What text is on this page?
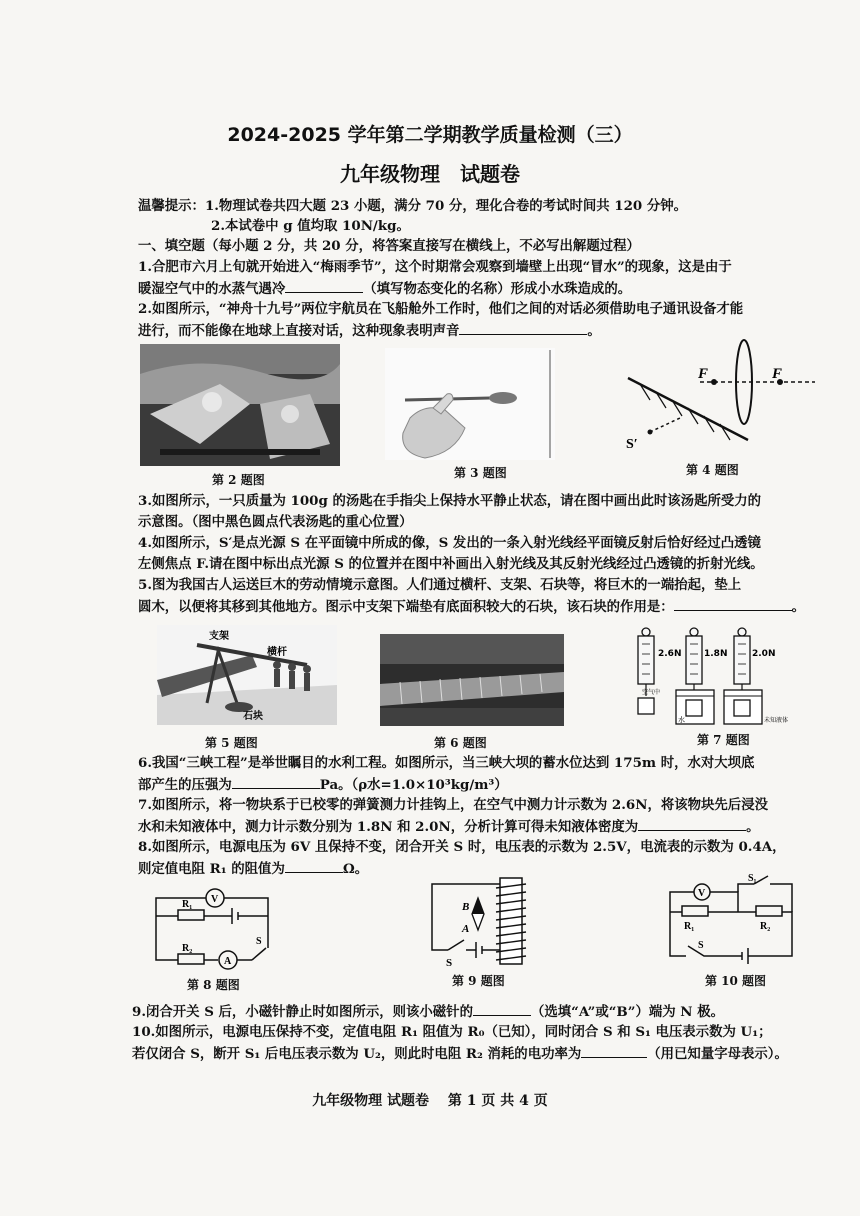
2024-2025 学年第二学期教学质量检测（三）
九年级物理　试题卷
温馨提示：1.物理试卷共四大题 23 小题，满分 70 分，理化合卷的考试时间共 120 分钟。
2.本试卷中 g 值均取 10N/kg。
一、填空题（每小题 2 分，共 20 分，将答案直接写在横线上，不必写出解题过程）
1.合肥市六月上旬就开始进入“梅雨季节”，这个时期常会观察到墙壁上出现“冒水”的现象，这是由于
暖湿空气中的水蒸气遇冷	（填写物态变化的名称）形成小水珠造成的。
2.如图所示，“神舟十九号”两位宇航员在飞船舱外工作时，他们之间的对话必须借助电子通讯设备才能
进行，而不能像在地球上直接对话，这种现象表明声音	。
第 2 题图	第 3 题图
F	F
S′
第 4 题图
3.如图所示，一只质量为 100g 的汤匙在手指尖上保持水平静止状态，请在图中画出此时该汤匙所受力的
示意图。（图中黑色圆点代表汤匙的重心位置）
4.如图所示，S′是点光源 S 在平面镜中所成的像，S 发出的一条入射光线经平面镜反射后恰好经过凸透镜
左侧焦点 F.请在图中标出点光源 S 的位置并在图中补画出入射光线及其反射光线经过凸透镜的折射光线。
5.图为我国古人运送巨木的劳动情境示意图。人们通过横杆、支架、石块等，将巨木的一端抬起，垫上
圆木，以便将其移到其他地方。图示中支架下端垫有底面积较大的石块，该石块的作用是：	。
支架
横杆
石块
第 5 题图	第 6 题图
2.6N	1.8N	2.0N
空气中
水	未知液体
第 7 题图
6.我国“三峡工程”是举世瞩目的水利工程。如图所示，当三峡大坝的蓄水位达到 175m 时，水对大坝底
部产生的压强为	Pa。（ρ水=1.0×10³kg/m³）
7.如图所示，将一物块系于已校零的弹簧测力计挂钩上，在空气中测力计示数为 2.6N，将该物块先后浸没
水和未知液体中，测力计示数分别为 1.8N 和 2.0N，分析计算可得未知液体密度为	。
8.如图所示，电源电压为 6V 且保持不变，闭合开关 S 时，电压表的示数为 2.5V，电流表的示数为 0.4A，
则定值电阻 R₁ 的阻值为	Ω。
R₁
R₂
V
A
S
第 8 题图
B
A
S
第 9 题图
V
S₁
R₁	R₂
S
第 10 题图
9.闭合开关 S 后，小磁针静止时如图所示，则该小磁针的	（选填“A”或“B”）端为 N 极。
10.如图所示，电源电压保持不变，定值电阻 R₁ 阻值为 R₀（已知），同时闭合 S 和 S₁ 电压表示数为 U₁；
若仅闭合 S，断开 S₁ 后电压表示数为 U₂，则此时电阻 R₂ 消耗的电功率为	（用已知量字母表示）。
九年级物理 试题卷　 第 1 页 共 4 页
